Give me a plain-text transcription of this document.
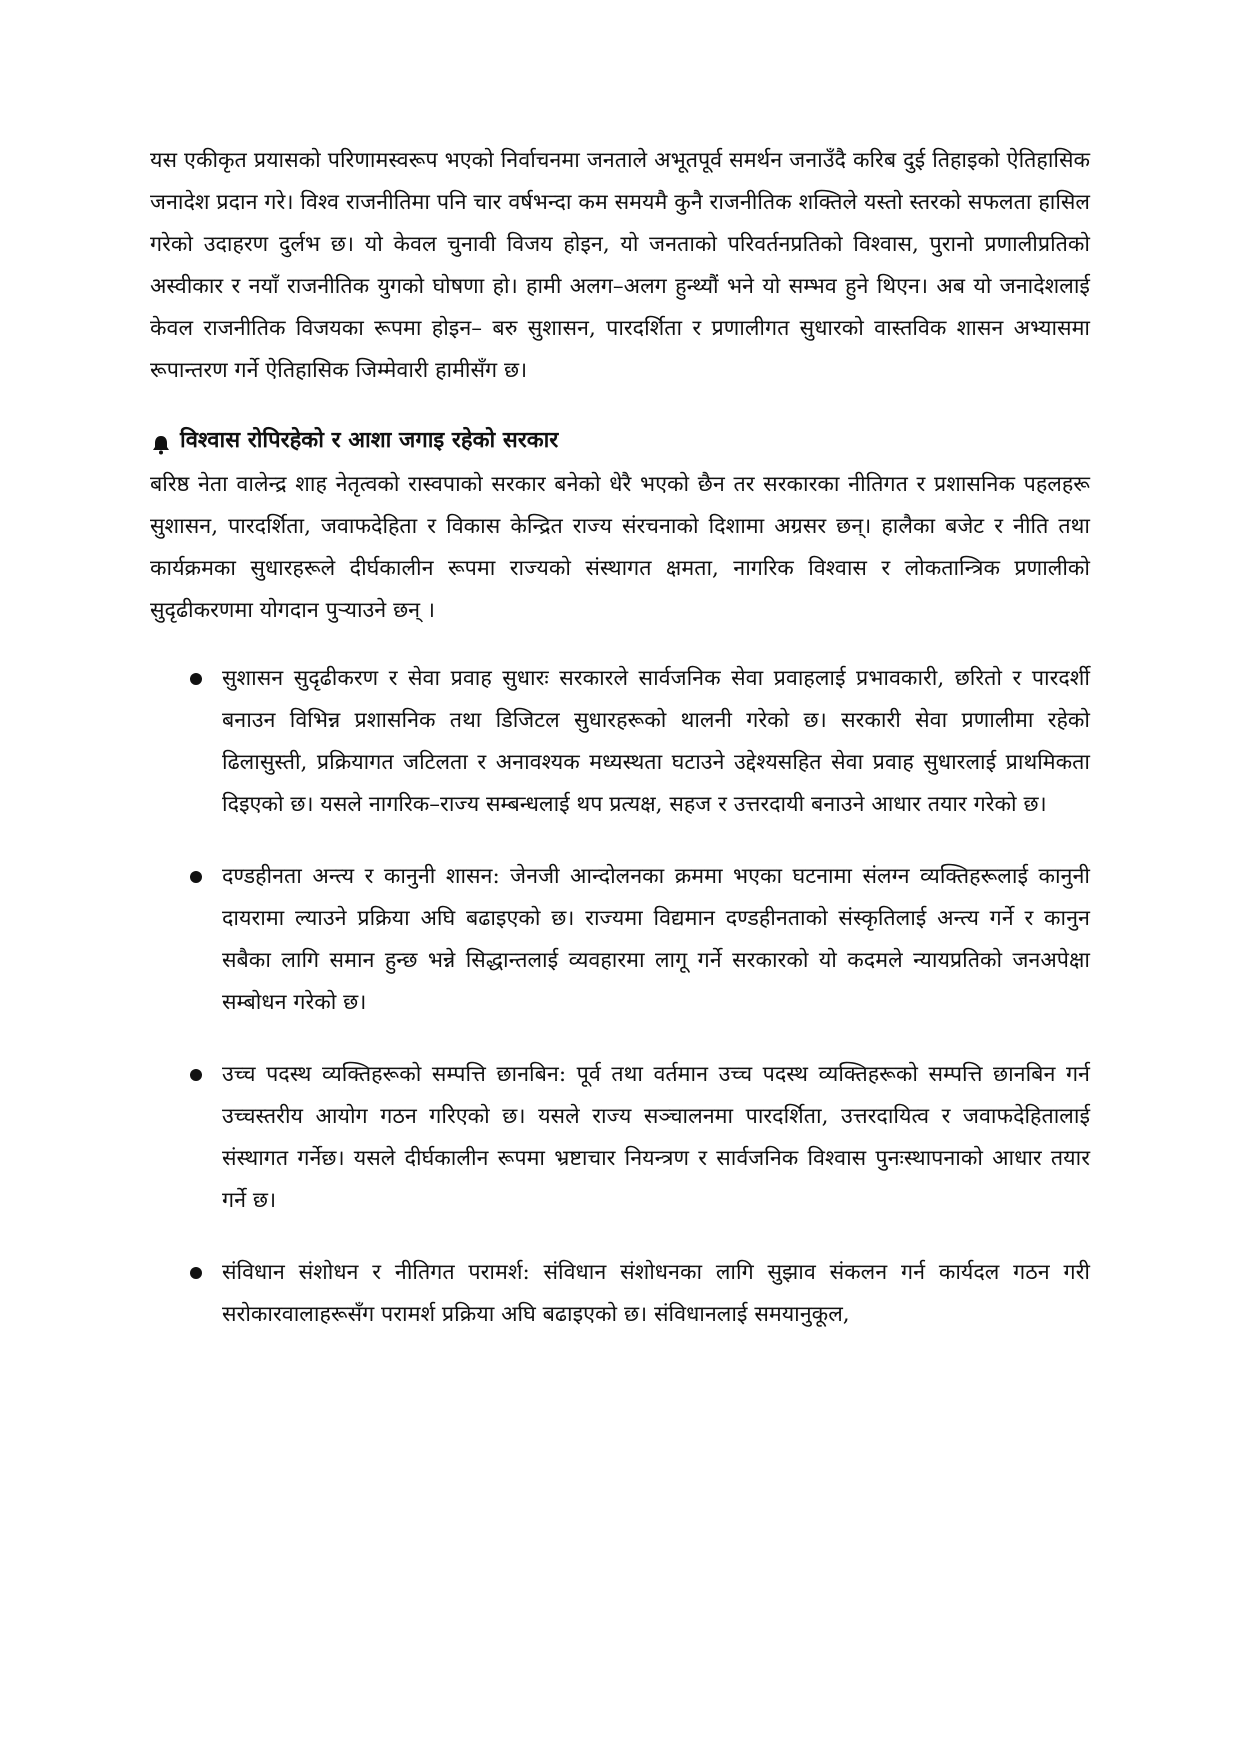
यस एकीकृत प्रयासको परिणामस्वरूप भएको निर्वाचनमा जनताले अभूतपूर्व समर्थन जनाउँदै करिब दुई तिहाइको ऐतिहासिक जनादेश प्रदान गरे। विश्व राजनीतिमा पनि चार वर्षभन्दा कम समयमै कुनै राजनीतिक शक्तिले यस्तो स्तरको सफलता हासिल गरेको उदाहरण दुर्लभ छ। यो केवल चुनावी विजय होइन, यो जनताको परिवर्तनप्रतिको विश्वास, पुरानो प्रणालीप्रतिको अस्वीकार र नयाँ राजनीतिक युगको घोषणा हो। हामी अलग–अलग हुन्थ्यौं भने यो सम्भव हुने थिएन। अब यो जनादेशलाई केवल राजनीतिक विजयका रूपमा होइन– बरु सुशासन, पारदर्शिता र प्रणालीगत सुधारको वास्तविक शासन अभ्यासमा रूपान्तरण गर्ने ऐतिहासिक जिम्मेवारी हामीसँग छ।

विश्वास रोपिरहेको र आशा जगाइ रहेको सरकार

बरिष्ठ नेता वालेन्द्र शाह नेतृत्वको रास्वपाको सरकार बनेको धेरै भएको छैन तर सरकारका नीतिगत र प्रशासनिक पहलहरू सुशासन, पारदर्शिता, जवाफदेहिता र विकास केन्द्रित राज्य संरचनाको दिशामा अग्रसर छन्। हालैका बजेट र नीति तथा कार्यक्रमका सुधारहरूले दीर्घकालीन रूपमा राज्यको संस्थागत क्षमता, नागरिक विश्वास र लोकतान्त्रिक प्रणालीको सुदृढीकरणमा योगदान पुर्‍याउने छन् ।

सुशासन सुदृढीकरण र सेवा प्रवाह सुधारः सरकारले सार्वजनिक सेवा प्रवाहलाई प्रभावकारी, छरितो र पारदर्शी बनाउन विभिन्न प्रशासनिक तथा डिजिटल सुधारहरूको थालनी गरेको छ। सरकारी सेवा प्रणालीमा रहेको ढिलासुस्ती, प्रक्रियागत जटिलता र अनावश्यक मध्यस्थता घटाउने उद्देश्यसहित सेवा प्रवाह सुधारलाई प्राथमिकता दिइएको छ। यसले नागरिक–राज्य सम्बन्धलाई थप प्रत्यक्ष, सहज र उत्तरदायी बनाउने आधार तयार गरेको छ।
दण्डहीनता अन्त्य र कानुनी शासन: जेनजी आन्दोलनका क्रममा भएका घटनामा संलग्न व्यक्तिहरूलाई कानुनी दायरामा ल्याउने प्रक्रिया अघि बढाइएको छ। राज्यमा विद्यमान दण्डहीनताको संस्कृतिलाई अन्त्य गर्ने र कानुन सबैका लागि समान हुन्छ भन्ने सिद्धान्तलाई व्यवहारमा लागू गर्ने सरकारको यो कदमले न्यायप्रतिको जनअपेक्षा सम्बोधन गरेको छ।
उच्च पदस्थ व्यक्तिहरूको सम्पत्ति छानबिन: पूर्व तथा वर्तमान उच्च पदस्थ व्यक्तिहरूको सम्पत्ति छानबिन गर्न उच्चस्तरीय आयोग गठन गरिएको छ। यसले राज्य सञ्चालनमा पारदर्शिता, उत्तरदायित्व र जवाफदेहितालाई संस्थागत गर्नेछ। यसले दीर्घकालीन रूपमा भ्रष्टाचार नियन्त्रण र सार्वजनिक विश्वास पुनःस्थापनाको आधार तयार गर्ने छ।
संविधान संशोधन र नीतिगत परामर्श: संविधान संशोधनका लागि सुझाव संकलन गर्न कार्यदल गठन गरी सरोकारवालाहरूसँग परामर्श प्रक्रिया अघि बढाइएको छ। संविधानलाई समयानुकूल,
